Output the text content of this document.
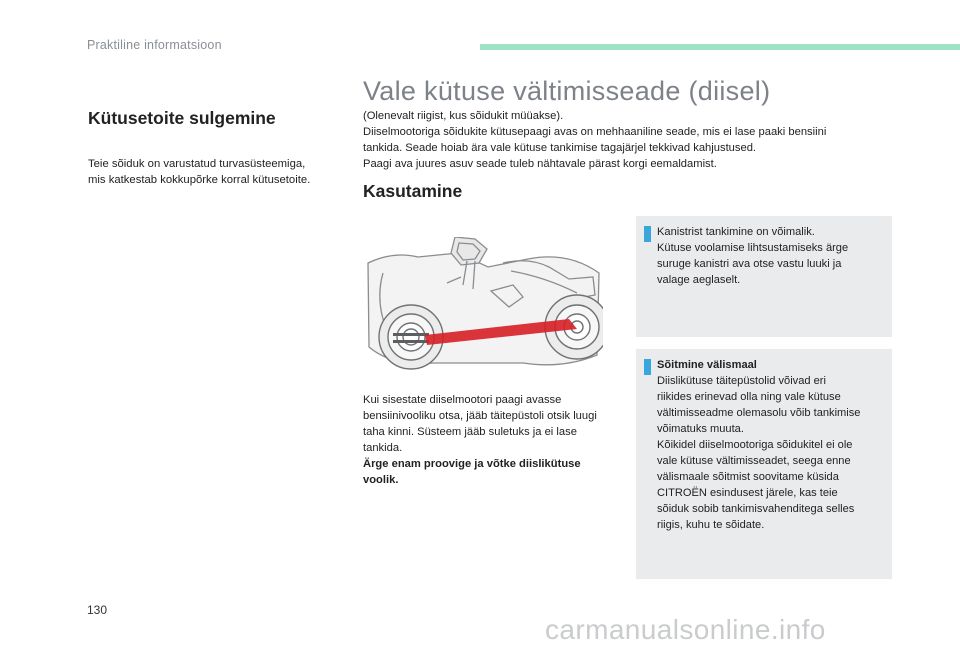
Praktiline informatsioon
Kütusetoite sulgemine
Teie sõiduk on varustatud turvasüsteemiga,
mis katkestab kokkupõrke korral kütusetoite.
Vale kütuse vältimisseade (diisel)
(Olenevalt riigist, kus sõidukit müüakse).
Diiselmootoriga sõidukite kütusepaagi avas on mehhaaniline seade, mis ei lase paaki bensiini
tankida. Seade hoiab ära vale kütuse tankimise tagajärjel tekkivad kahjustused.
Paagi ava juures asuv seade tuleb nähtavale pärast korgi eemaldamist.
Kasutamine
Kui sisestate diiselmootori paagi avasse
bensiinivooliku otsa, jääb täitepüstoli otsik luugi
taha kinni. Süsteem jääb suletuks ja ei lase
tankida.
Ärge enam proovige ja võtke diislikütuse
voolik.
Kanistrist tankimine on võimalik.
Kütuse voolamise lihtsustamiseks ärge
suruge kanistri ava otse vastu luuki ja
valage aeglaselt.
Sõitmine välismaal
Diislikütuse täitepüstolid võivad eri
riikides erinevad olla ning vale kütuse
vältimisseadme olemasolu võib tankimise
võimatuks muuta.
Kõikidel diiselmootoriga sõidukitel ei ole
vale kütuse vältimisseadet, seega enne
välismaale sõitmist soovitame küsida
CITROËN esindusest järele, kas teie
sõiduk sobib tankimisvahenditega selles
riigis, kuhu te sõidate.
130
carmanualsonline.info
